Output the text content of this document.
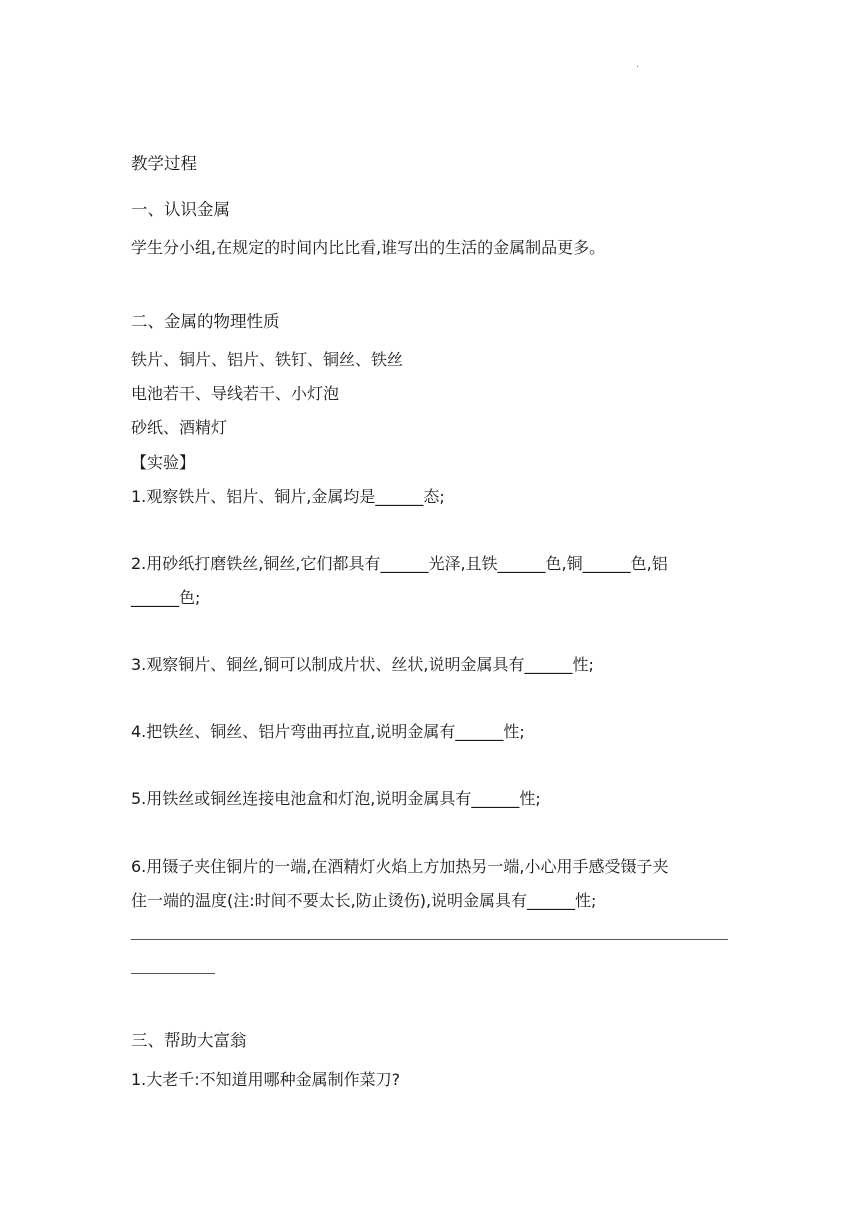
.
教学过程
一、认识金属
学生分小组,在规定的时间内比比看,谁写出的生活的金属制品更多。
二、金属的物理性质
铁片、铜片、铝片、铁钉、铜丝、铁丝
电池若干、导线若干、小灯泡
砂纸、酒精灯
【实验】
1.观察铁片、铝片、铜片,金属均是______态;
2.用砂纸打磨铁丝,铜丝,它们都具有______光泽,且铁______色,铜______色,铝
______色;
3.观察铜片、铜丝,铜可以制成片状、丝状,说明金属具有______性;
4.把铁丝、铜丝、铝片弯曲再拉直,说明金属有______性;
5.用铁丝或铜丝连接电池盒和灯泡,说明金属具有______性;
6.用镊子夹住铜片的一端,在酒精灯火焰上方加热另一端,小心用手感受镊子夹
住一端的温度(注:时间不要太长,防止烫伤),说明金属具有______性;
三、帮助大富翁
1.大老千:不知道用哪种金属制作菜刀?
